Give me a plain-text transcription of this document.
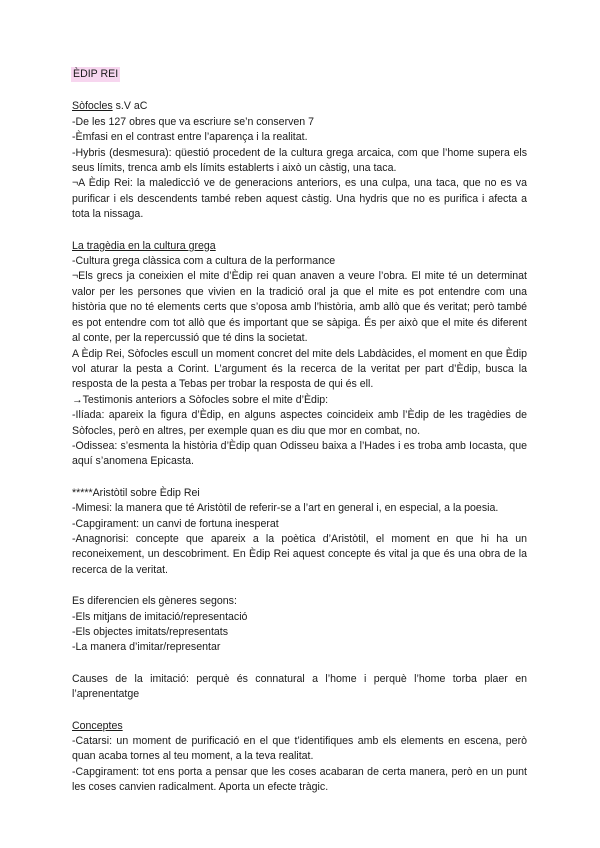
ÈDIP REI

Sòfocles s.V aC

-De les 127 obres que va escriure se’n conserven 7

-Èmfasi en el contrast entre l’aparença i la realitat.

-Hybris (desmesura): qüestió procedent de la cultura grega arcaica, com que l’home supera els seus límits, trenca amb els límits establerts i això un càstig, una taca.

¬A Èdip Rei: la malediccìó ve de generacions anteriors, es una culpa, una taca, que no es va purificar i els descendents també reben aquest càstig. Una hydris que no es purifica i afecta a tota la nissaga.

La tragèdia en la cultura grega

-Cultura grega clàssica com a cultura de la performance

¬Els grecs ja coneixien el mite d’Èdip rei quan anaven a veure l’obra. El mite té un determinat valor per les persones que vivien en la tradició oral ja que el mite es pot entendre com una història que no té elements certs que s’oposa amb l’història, amb allò que és veritat; però també es pot entendre com tot allò que és important que se sàpiga. És per això que el mite és diferent al conte, per la repercussió que té dins la societat.

A Èdip Rei, Sòfocles escull un moment concret del mite dels Labdàcides, el moment en que Èdip vol aturar la pesta a Corint. L’argument és la recerca de la veritat per part d’Èdip, busca la resposta de la pesta a Tebas per trobar la resposta de qui és ell.

→Testimonis anteriors a Sòfocles sobre el mite d’Èdip:

-Ilíada: apareix la figura d’Èdip, en alguns aspectes coincideix amb l’Èdip de les tragèdies de Sòfocles, però en altres, per exemple quan es diu que mor en combat, no.

-Odissea: s’esmenta la història d’Èdip quan Odisseu baixa a l’Hades i es troba amb Iocasta, que aquí s’anomena Epicasta.

*****Aristòtil sobre Èdip Rei

-Mimesi: la manera que té Aristòtil de referir-se a l’art en general i, en especial, a la poesia.

-Capgirament: un canvi de fortuna inesperat

-Anagnorisi: concepte que apareix a la poètica d’Aristòtil, el moment en que hi ha un reconeixement, un descobriment. En Èdip Rei aquest concepte és vital ja que és una obra de la recerca de la veritat.

Es diferencien els gèneres segons:

-Els mitjans de imitació/representació

-Els objectes imitats/representats

-La manera d’imitar/representar

Causes de la imitació: perquè és connatural a l’home i perquè l’home torba plaer en l’aprenentatge

Conceptes

-Catarsi: un moment de purificació en el que t’identifiques amb els elements en escena, però quan acaba tornes al teu moment, a la teva realitat.

-Capgirament: tot ens porta a pensar que les coses acabaran de certa manera, però en un punt les coses canvien radicalment. Aporta un efecte tràgic.
